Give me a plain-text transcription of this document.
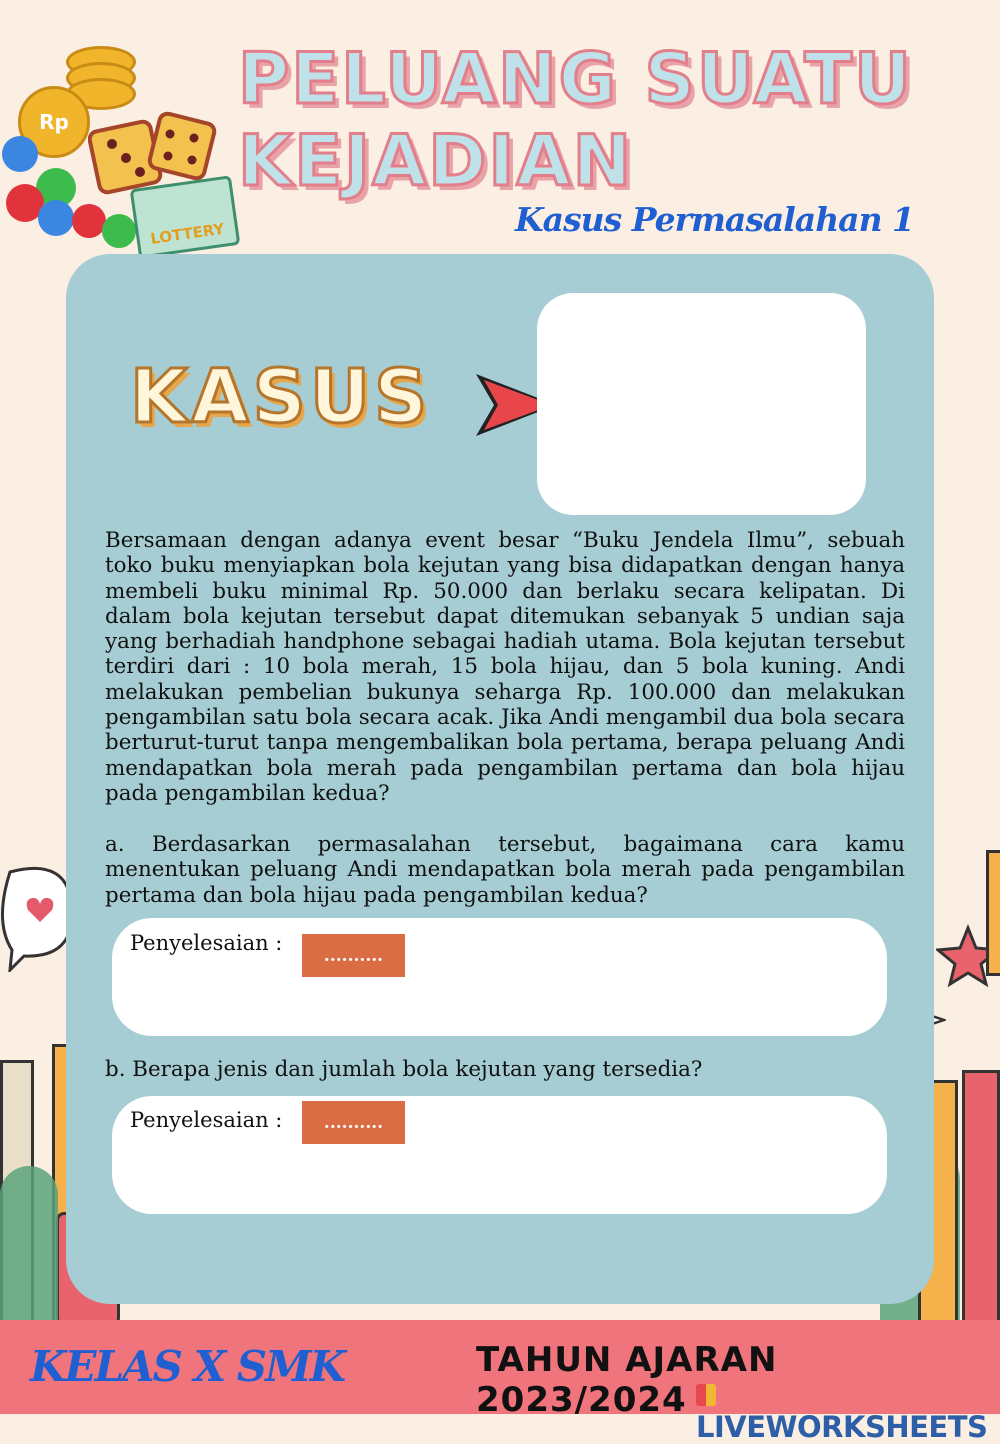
Rp
LOTTERY
PELUANG SUATU
KEJADIAN
Kasus Permasalahan 1
KASUS

Bersamaan dengan adanya event besar “Buku Jendela Ilmu”, sebuah toko buku menyiapkan bola kejutan yang bisa didapatkan dengan hanya membeli buku minimal Rp. 50.000 dan berlaku secara kelipatan. Di dalam bola kejutan tersebut dapat ditemukan sebanyak 5 undian saja yang berhadiah handphone sebagai hadiah utama. Bola kejutan tersebut terdiri dari : 10 bola merah, 15 bola hijau, dan 5 bola kuning. Andi melakukan pembelian bukunya seharga Rp. 100.000 dan melakukan pengambilan satu bola secara acak. Jika Andi mengambil dua bola secara berturut-turut tanpa mengembalikan bola pertama, berapa peluang Andi mendapatkan bola merah pada pengambilan pertama dan bola hijau pada pengambilan kedua?

a. Berdasarkan permasalahan tersebut, bagaimana cara kamu menentukan peluang Andi mendapatkan bola merah pada pengambilan pertama dan bola hijau pada pengambilan kedua?

Penyelesaian :
..........

b. Berapa jenis dan jumlah bola kejutan yang tersedia?

Penyelesaian :
..........
KELAS X SMK	TAHUN AJARAN 2023/2024
LIVEWORKSHEETS
